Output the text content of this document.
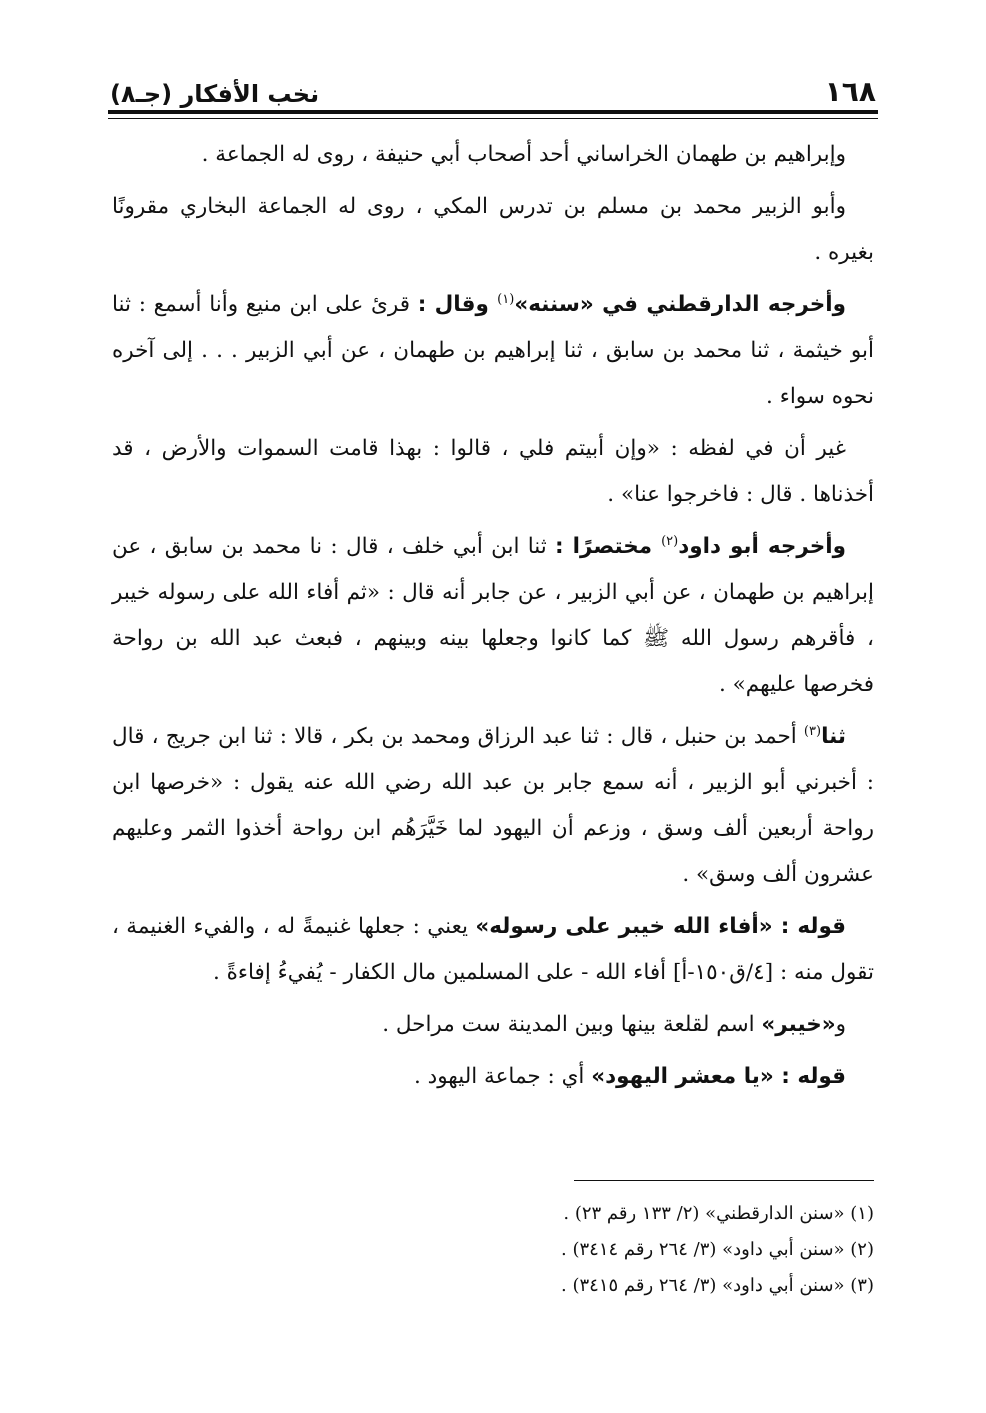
١٦٨
نخب الأفكار (جـ٨)

وإبراهيم بن طهمان الخراساني أحد أصحاب أبي حنيفة ، روى له الجماعة .

وأبو الزبير محمد بن مسلم بن تدرس المكي ، روى له الجماعة البخاري مقرونًا بغيره .

وأخرجه الدارقطني في «سننه»$^{(١)}$ وقال : قرئ على ابن منيع وأنا أسمع : ثنا أبو خيثمة ، ثنا محمد بن سابق ، ثنا إبراهيم بن طهمان ، عن أبي الزبير . . . إلى آخره نحوه سواء .

غير أن في لفظه : «وإن أبيتم فلي ، قالوا : بهذا قامت السموات والأرض ، قد أخذناها . قال : فاخرجوا عنا» .

وأخرجه أبو داود$^{(٢)}$ مختصرًا : ثنا ابن أبي خلف ، قال : نا محمد بن سابق ، عن إبراهيم بن طهمان ، عن أبي الزبير ، عن جابر أنه قال : «ثم أفاء الله على رسوله خيبر ، فأقرهم رسول الله ﷺ كما كانوا وجعلها بينه وبينهم ، فبعث عبد الله بن رواحة فخرصها عليهم» .

ثنا$^{(٣)}$ أحمد بن حنبل ، قال : ثنا عبد الرزاق ومحمد بن بكر ، قالا : ثنا ابن جريج ، قال : أخبرني أبو الزبير ، أنه سمع جابر بن عبد الله رضي الله عنه يقول : «خرصها ابن رواحة أربعين ألف وسق ، وزعم أن اليهود لما خَيَّرَهُم ابن رواحة أخذوا الثمر وعليهم عشرون ألف وسق» .

قوله : «أفاء الله خيبر على رسوله» يعني : جعلها غنيمةً له ، والفيء الغنيمة ، تقول منه : [٤/ق١٥٠-أ] أفاء الله - على المسلمين مال الكفار - يُفيءُ إفاءةً .

و«خيبر» اسم لقلعة بينها وبين المدينة ست مراحل .

قوله : «يا معشر اليهود» أي : جماعة اليهود .

(١) «سنن الدارقطني» (٢/ ١٣٣ رقم ٢٣) .

(٢) «سنن أبي داود» (٣/ ٢٦٤ رقم ٣٤١٤) .

(٣) «سنن أبي داود» (٣/ ٢٦٤ رقم ٣٤١٥) .
